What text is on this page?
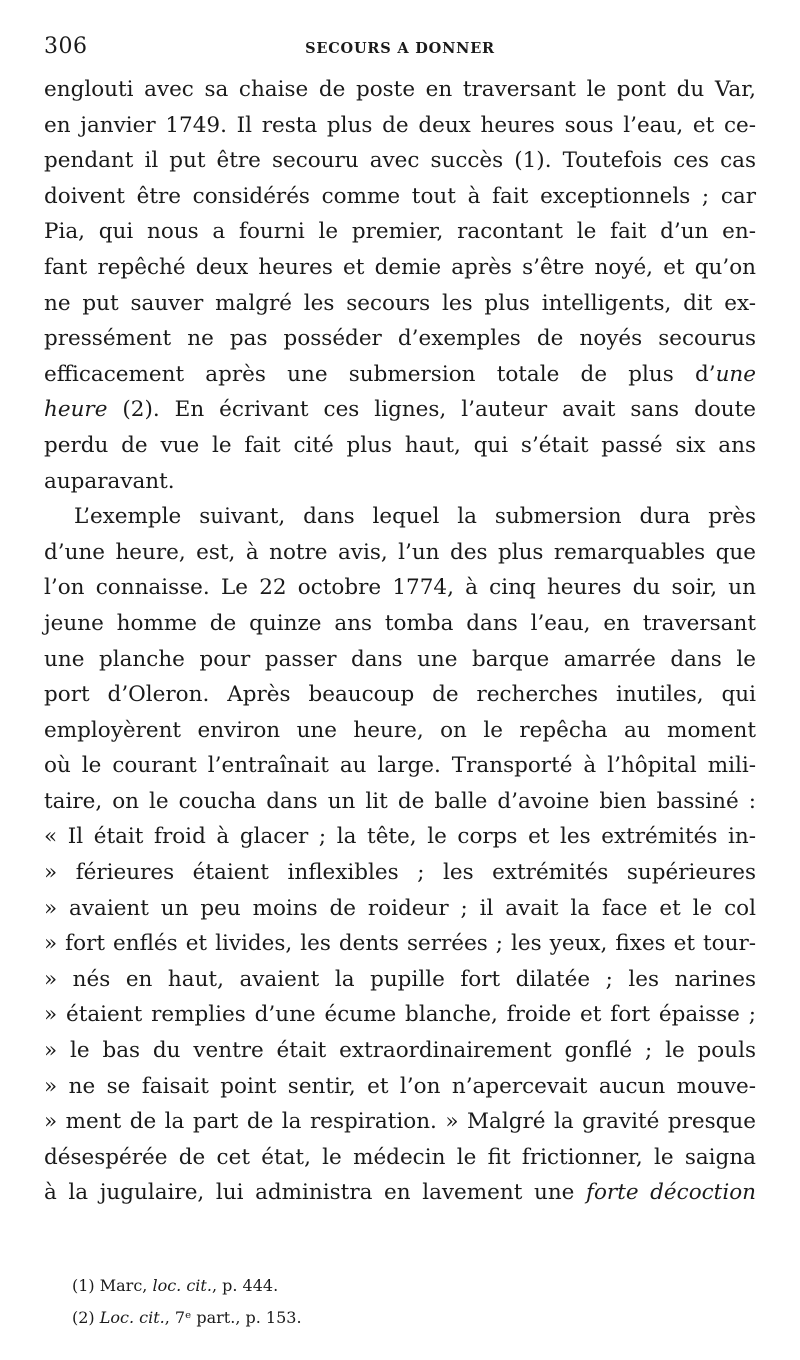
306	SECOURS A DONNER
englouti avec sa chaise de poste en traversant le pont du Var,
en janvier 1749. Il resta plus de deux heures sous l’eau, et ce-
pendant il put être secouru avec succès (1). Toutefois ces cas
doivent être considérés comme tout à fait exceptionnels ; car
Pia, qui nous a fourni le premier, racontant le fait d’un en-
fant repêché deux heures et demie après s’être noyé, et qu’on
ne put sauver malgré les secours les plus intelligents, dit ex-
pressément ne pas posséder d’exemples de noyés secourus
efficacement après une submersion totale de plus d’une
heure (2). En écrivant ces lignes, l’auteur avait sans doute
perdu de vue le fait cité plus haut, qui s’était passé six ans
auparavant.
L’exemple suivant, dans lequel la submersion dura près
d’une heure, est, à notre avis, l’un des plus remarquables que
l’on connaisse. Le 22 octobre 1774, à cinq heures du soir, un
jeune homme de quinze ans tomba dans l’eau, en traversant
une planche pour passer dans une barque amarrée dans le
port d’Oleron. Après beaucoup de recherches inutiles, qui
employèrent environ une heure, on le repêcha au moment
où le courant l’entraînait au large. Transporté à l’hôpital mili-
taire, on le coucha dans un lit de balle d’avoine bien bassiné :
« Il était froid à glacer ; la tête, le corps et les extrémités in-
» férieures étaient inflexibles ; les extrémités supérieures
» avaient un peu moins de roideur ; il avait la face et le col
» fort enflés et livides, les dents serrées ; les yeux, fixes et tour-
» nés en haut, avaient la pupille fort dilatée ; les narines
» étaient remplies d’une écume blanche, froide et fort épaisse ;
» le bas du ventre était extraordinairement gonflé ; le pouls
» ne se faisait point sentir, et l’on n’apercevait aucun mouve-
» ment de la part de la respiration. » Malgré la gravité presque
désespérée de cet état, le médecin le fit frictionner, le saigna
à la jugulaire, lui administra en lavement une forte décoction
(1) Marc, loc. cit., p. 444.
(2) Loc. cit., 7ᵉ part., p. 153.
